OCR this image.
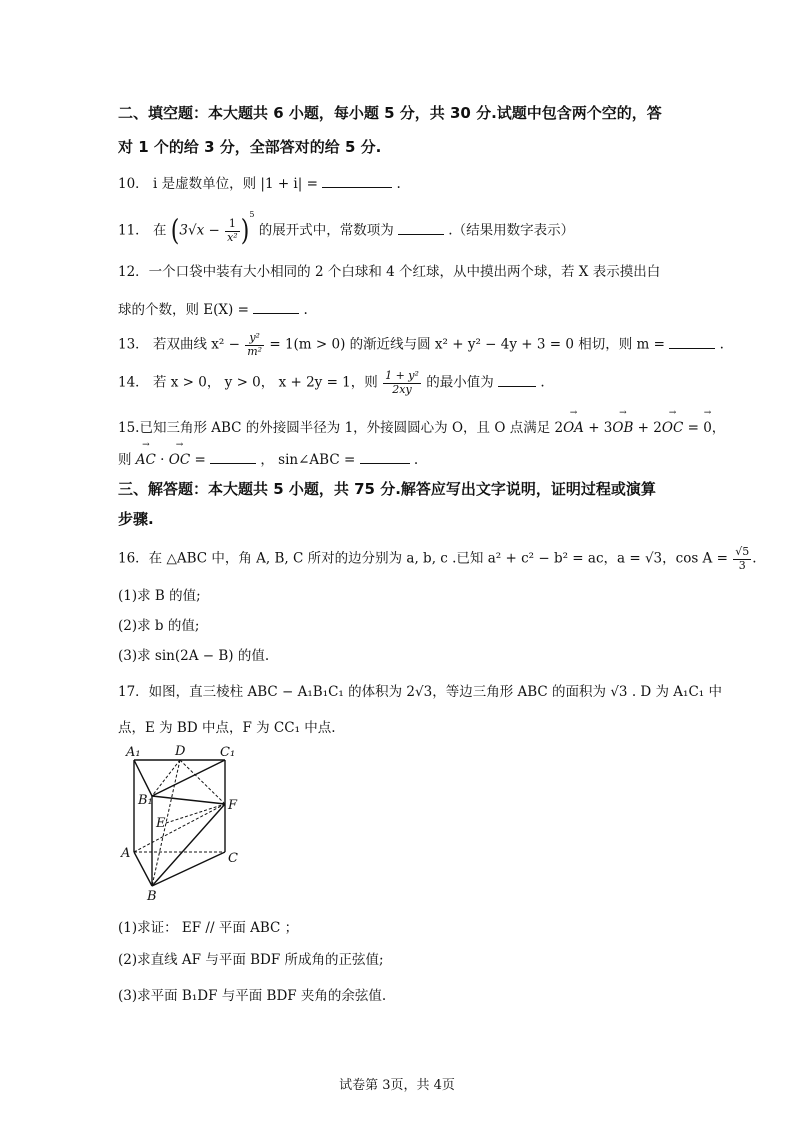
二、填空题：本大题共 6 小题，每小题 5 分，共 30 分.试题中包含两个空的，答
对 1 个的给 3 分，全部答对的给 5 分.
10． i 是虚数单位，则 |1 + i| =	.
11． 在 $(3√x - \frac{1}{\text{x²}} )^5$ 的展开式中，常数项为	.（结果用数字表示）
12．一个口袋中装有大小相同的 2 个白球和 4 个红球，从中摸出两个球，若 X 表示摸出白
球的个数，则 E(X) =	.
13． 若双曲线 $x^2 - \frac{\text{y²}}{\text{m²}} = 1(m > 0)$ 的渐近线与圆 x² + y² − 4y + 3 = 0 相切，则 m =	.
14． 若 x > 0， y > 0， x + 2y = 1，则 $\frac{\text{1 + y²}}{2xy}$ 的最小值为	.
15.已知三角形 ABC 的外接圆半径为 1，外接圆圆心为 O，且 O 点满足 2→ OA + 3→ OB + 2→ OC = → 0，
则 → AC · → OC =	， sin∠ABC =	.
三、解答题：本大题共 5 小题，共 75 分.解答应写出文字说明，证明过程或演算
步骤.
16．在 △ABC 中，角 A, B, C 所对的边分别为 a, b, c .已知 a² + c² − b² = ac，a = √3，$\cos A = \frac{√5}{3}$ .
(1)求 B 的值;
(2)求 b 的值;
(3)求 sin(2A − B) 的值.
17．如图，直三棱柱 ABC − A₁B₁C₁ 的体积为 2√3，等边三角形 ABC 的面积为 √3 . D 为 A₁C₁ 中
点，E 为 BD 中点，F 为 CC₁ 中点.
A₁	D	C₁
B₁	F
E
A	C
B
(1)求证： EF // 平面 ABC ；
(2)求直线 AF 与平面 BDF 所成角的正弦值;
(3)求平面 B₁DF 与平面 BDF 夹角的余弦值.
试卷第 3页，共 4页
